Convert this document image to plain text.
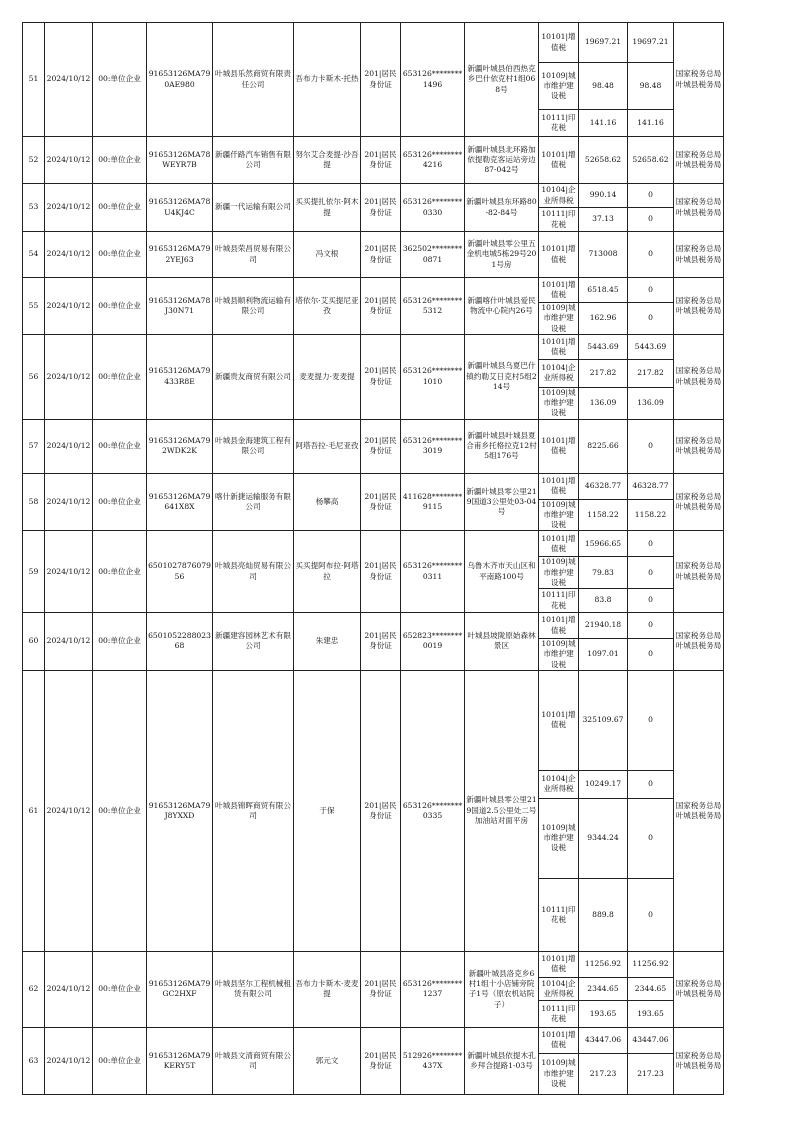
51	2024/10/12	00:单位企业	91653126MA790AE980	叶城县乐然商贸有限责任公司	吾布力卡斯木·托热	201|居民身份证	653126********1496	新疆叶城县伯西热克乡巴什依克村1组068号	10101|增值税	19697.21	19697.21	国家税务总局叶城县税务局
									10109|城市维护建设税	98.48	98.48	
									10111|印花税	141.16	141.16	
52	2024/10/12	00:单位企业	91653126MA78WEYR7B	新疆仟路汽车销售有限公司	努尔艾合麦提·沙吾提	201|居民身份证	653126********4216	新疆叶城县北环路加依提勒克客运站旁边87-042号	10101|增值税	52658.62	52658.62	国家税务总局叶城县税务局
53	2024/10/12	00:单位企业	91653126MA78U4KJ4C	新疆一代运输有限公司	买买提扎依尔·阿木提	201|居民身份证	653126********0330	新疆叶城县东环路80-82-84号	10104|企业所得税	990.14	0	国家税务总局叶城县税务局
									10111|印花税	37.13	0	
54	2024/10/12	00:单位企业	91653126MA792YEJ63	叶城县荣昌贸易有限公司	冯文根	201|居民身份证	362502********0871	新疆叶城县零公里五金机电城5栋29号201号房	10101|增值税	713008	0	国家税务总局叶城县税务局
55	2024/10/12	00:单位企业	91653126MA78J30N71	叶城县顺利物流运输有限公司	塔依尔·艾买提尼亚孜	201|居民身份证	653126********5312	新疆喀什叶城县爱民物流中心院内26号	10101|增值税	6518.45	0	国家税务总局叶城县税务局
									10109|城市维护建设税	162.96	0	
56	2024/10/12	00:单位企业	91653126MA79433R8E	新疆贵友商贸有限公司	麦麦提力·麦麦提	201|居民身份证	653126********1010	新疆叶城县乌夏巴什镇约勒艾日克村5组214号	10101|增值税	5443.69	5443.69	国家税务总局叶城县税务局
									10104|企业所得税	217.82	217.82	
									10109|城市维护建设税	136.09	136.09	
57	2024/10/12	00:单位企业	91653126MA792WDK2K	叶城县金海建筑工程有限公司	阿塔吾拉·毛尼亚孜	201|居民身份证	653126********3019	新疆叶城县叶城县夏合甫乡托格拉克12村5组176号	10101|增值税	8225.66	0	国家税务总局叶城县税务局
58	2024/10/12	00:单位企业	91653126MA79641X8X	喀什新捷运输服务有限公司	杨攀高	201|居民身份证	411628********9115	新疆叶城县零公里219国道3公里处03-04号	10101|增值税	46328.77	46328.77	国家税务总局叶城县税务局
									10109|城市维护建设税	1158.22	1158.22	
59	2024/10/12	00:单位企业	650102787607956	叶城县亮灿贸易有限公司	买买提阿布拉·阿塔拉	201|居民身份证	653126********0311	乌鲁木齐市天山区和平南路100号	10101|增值税	15966.65	0	国家税务总局叶城县税务局
									10109|城市维护建设税	79.83	0	
									10111|印花税	83.8	0	
60	2024/10/12	00:单位企业	650105228802368	新疆建容园林艺术有限公司	朱建忠	201|居民身份证	652823********0019	叶城县坡陇原始森林景区	10101|增值税	21940.18	0	国家税务总局叶城县税务局
									10109|城市维护建设税	1097.01	0	
61	2024/10/12	00:单位企业	91653126MA79J8YXXD	叶城县锦晖商贸有限公司	于保	201|居民身份证	653126********0335	新疆叶城县零公里219国道2.5公里处二号加油站对面平房	10101|增值税	325109.67	0	国家税务总局叶城县税务局
									10104|企业所得税	10249.17	0	
									10109|城市维护建设税	9344.24	0	
									10111|印花税	889.8	0	
62	2024/10/12	00:单位企业	91653126MA79GC2HXF	叶城县坚尔工程机械租赁有限公司	吾布力卡斯木·麦麦提	201|居民身份证	653126********1237	新疆叶城县洛克乡6村1组十小店铺旁院子1号（原农机站院子）	10101|增值税	11256.92	11256.92	国家税务总局叶城县税务局
									10104|企业所得税	2344.65	2344.65	
									10111|印花税	193.65	193.65	
63	2024/10/12	00:单位企业	91653126MA79KERY5T	叶城县文清商贸有限公司	郭元文	201|居民身份证	512926********437X	新疆叶城县依提木孔乡拜合提路1-03号	10101|增值税	43447.06	43447.06	国家税务总局叶城县税务局
									10109|城市维护建设税	217.23	217.23	
